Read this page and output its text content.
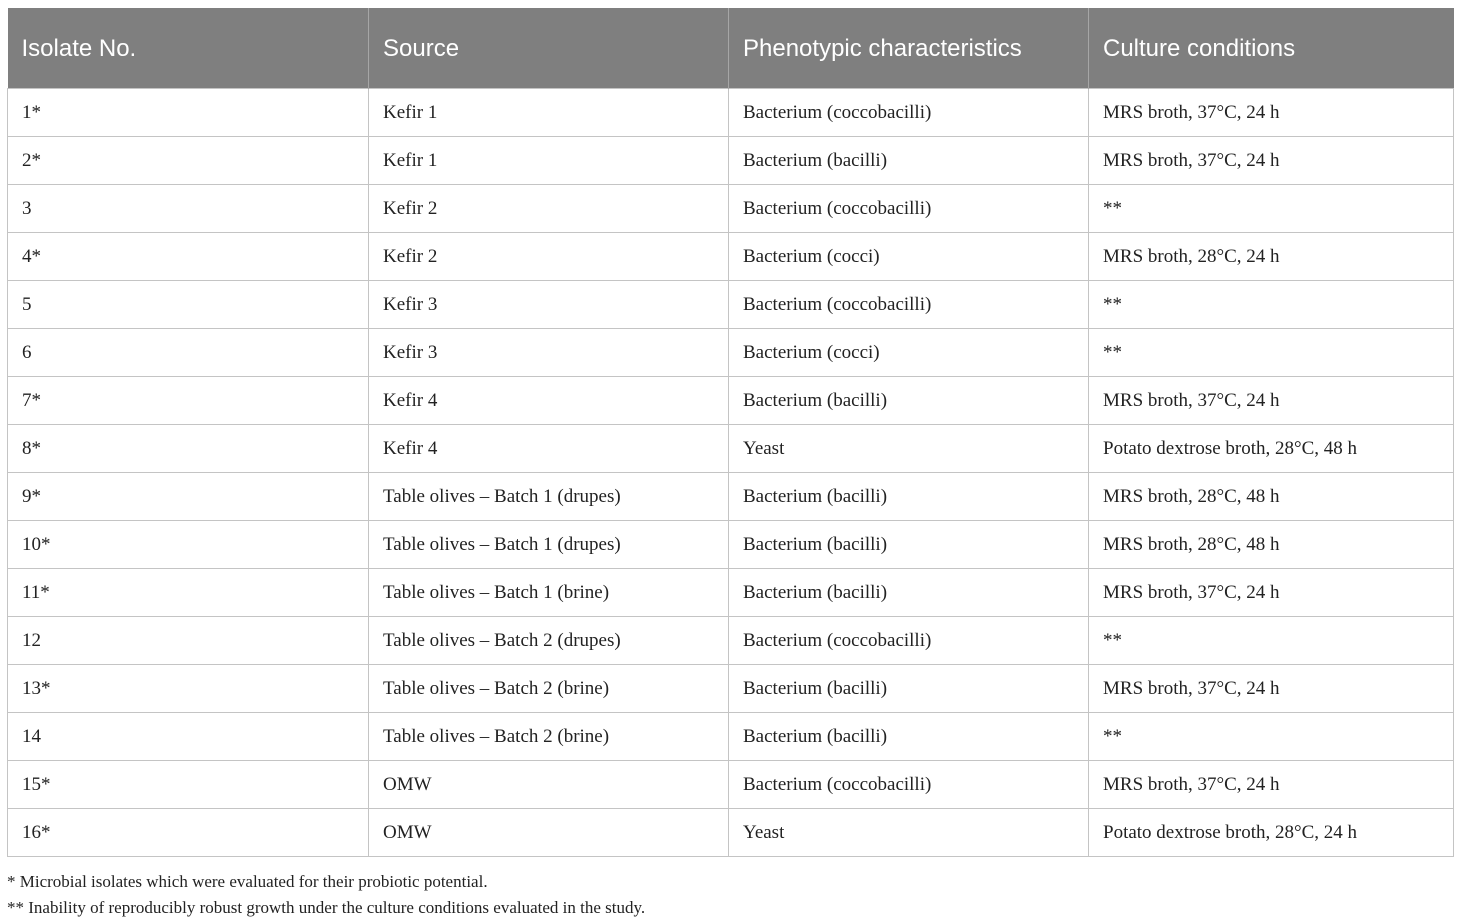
Isolate No.	Source	Phenotypic characteristics	Culture conditions
1*	Kefir 1	Bacterium (coccobacilli)	MRS broth, 37°C, 24 h
2*	Kefir 1	Bacterium (bacilli)	MRS broth, 37°C, 24 h
3	Kefir 2	Bacterium (coccobacilli)	**
4*	Kefir 2	Bacterium (cocci)	MRS broth, 28°C, 24 h
5	Kefir 3	Bacterium (coccobacilli)	**
6	Kefir 3	Bacterium (cocci)	**
7*	Kefir 4	Bacterium (bacilli)	MRS broth, 37°C, 24 h
8*	Kefir 4	Yeast	Potato dextrose broth, 28°C, 48 h
9*	Table olives – Batch 1 (drupes)	Bacterium (bacilli)	MRS broth, 28°C, 48 h
10*	Table olives – Batch 1 (drupes)	Bacterium (bacilli)	MRS broth, 28°C, 48 h
11*	Table olives – Batch 1 (brine)	Bacterium (bacilli)	MRS broth, 37°C, 24 h
12	Table olives – Batch 2 (drupes)	Bacterium (coccobacilli)	**
13*	Table olives – Batch 2 (brine)	Bacterium (bacilli)	MRS broth, 37°C, 24 h
14	Table olives – Batch 2 (brine)	Bacterium (bacilli)	**
15*	OMW	Bacterium (coccobacilli)	MRS broth, 37°C, 24 h
16*	OMW	Yeast	Potato dextrose broth, 28°C, 24 h
* Microbial isolates which were evaluated for their probiotic potential.
** Inability of reproducibly robust growth under the culture conditions evaluated in the study.
